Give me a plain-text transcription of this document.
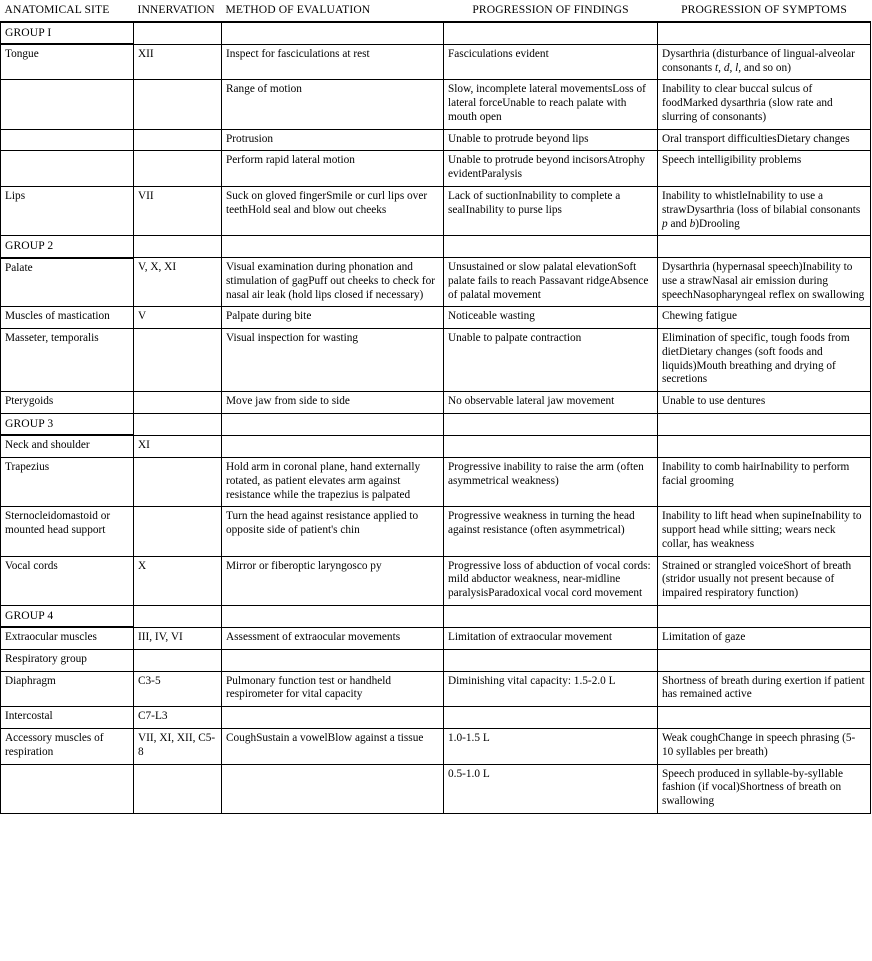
ANATOMICAL SITE	INNERVATION	METHOD OF EVALUATION	PROGRESSION OF FINDINGS	PROGRESSION OF SYMPTOMS
GROUP I				
Tongue	XII	Inspect for fasciculations at rest	Fasciculations evident	Dysarthria (disturbance of lingual-alveolar consonants t, d, l, and so on)
		Range of motion	Slow, incomplete lateral movementsLoss of lateral forceUnable to reach palate with mouth open	Inability to clear buccal sulcus of foodMarked dysarthria (slow rate and slurring of consonants)
		Protrusion	Unable to protrude beyond lips	Oral transport difficultiesDietary changes
		Perform rapid lateral motion	Unable to protrude beyond incisorsAtrophy evidentParalysis	Speech intelligibility problems
Lips	VII	Suck on gloved fingerSmile or curl lips over teethHold seal and blow out cheeks	Lack of suctionInability to complete a sealInability to purse lips	Inability to whistleInability to use a strawDysarthria (loss of bilabial consonants p and b)Drooling
GROUP 2				
Palate	V, X, XI	Visual examination during phonation and stimulation of gagPuff out cheeks to check for nasal air leak (hold lips closed if necessary)	Unsustained or slow palatal elevationSoft palate fails to reach Passavant ridgeAbsence of palatal movement	Dysarthria (hypernasal speech)Inability to use a strawNasal air emission during speechNasopharyngeal reflex on swallowing
Muscles of mastication	V	Palpate during bite	Noticeable wasting	Chewing fatigue
Masseter, temporalis		Visual inspection for wasting	Unable to palpate contraction	Elimination of specific, tough foods from dietDietary changes (soft foods and liquids)Mouth breathing and drying of secretions
Pterygoids		Move jaw from side to side	No observable lateral jaw movement	Unable to use dentures
GROUP 3				
Neck and shoulder	XI			
Trapezius		Hold arm in coronal plane, hand externally rotated, as patient elevates arm against resistance while the trapezius is palpated	Progressive inability to raise the arm (often asymmetrical weakness)	Inability to comb hairInability to perform facial grooming
Sternocleidomastoid or mounted head support		Turn the head against resistance applied to opposite side of patient's chin	Progressive weakness in turning the head against resistance (often asymmetrical)	Inability to lift head when supineInability to support head while sitting; wears neck collar, has weakness
Vocal cords	X	Mirror or fiberoptic laryngosco py	Progressive loss of abduction of vocal cords: mild abductor weakness, near-midline paralysisParadoxical vocal cord movement	Strained or strangled voiceShort of breath (stridor usually not present because of impaired respiratory function)
GROUP 4				
Extraocular muscles	III, IV, VI	Assessment of extraocular movements	Limitation of extraocular movement	Limitation of gaze
Respiratory group				
Diaphragm	C3-5	Pulmonary function test or handheld respirometer for vital capacity	Diminishing vital capacity: 1.5-2.0 L	Shortness of breath during exertion if patient has remained active
Intercostal	C7-L3			
Accessory muscles of respiration	VII, XI, XII, C5-8	CoughSustain a vowelBlow against a tissue	1.0-1.5 L	Weak coughChange in speech phrasing (5-10 syllables per breath)
			0.5-1.0 L	Speech produced in syllable-by-syllable fashion (if vocal)Shortness of breath on swallowing
